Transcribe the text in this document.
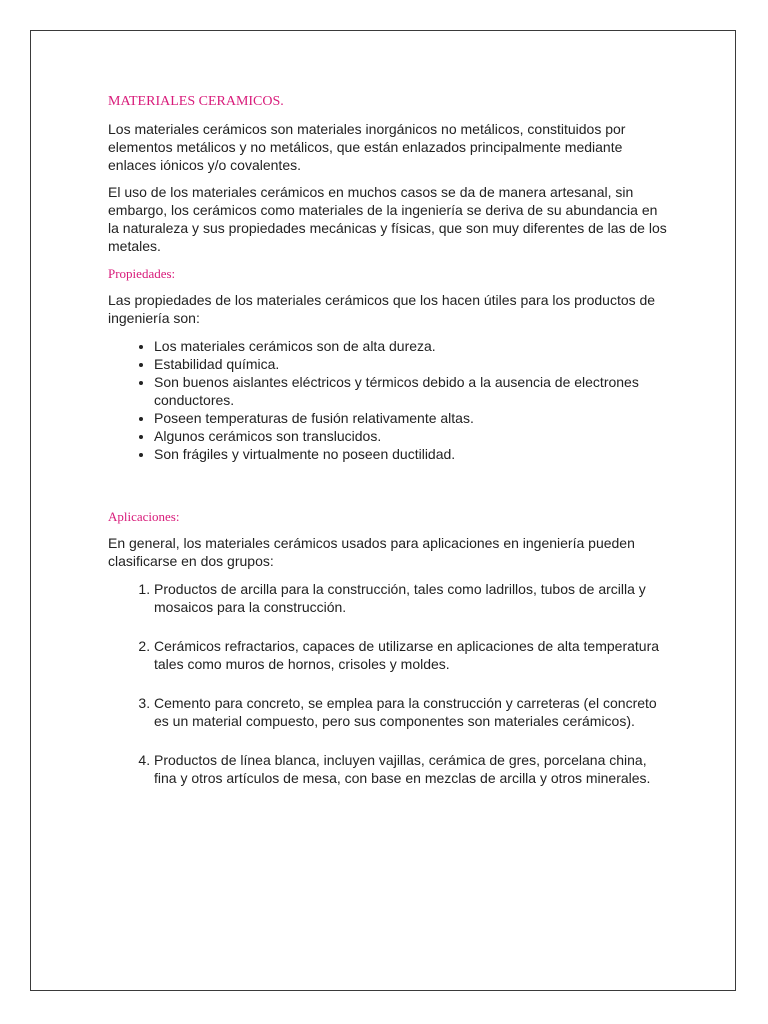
MATERIALES CERAMICOS.

Los materiales cerámicos son materiales inorgánicos no metálicos, constituidos por elementos metálicos y no metálicos, que están enlazados principalmente mediante enlaces iónicos y/o covalentes.

El uso de los materiales cerámicos en muchos casos se da de manera artesanal, sin embargo, los cerámicos como materiales de la ingeniería se deriva de su abundancia en la naturaleza y sus propiedades mecánicas y físicas, que son muy diferentes de las de los metales.

Propiedades:

Las propiedades de los materiales cerámicos que los hacen útiles para los productos de ingeniería son:

• Los materiales cerámicos son de alta dureza.
• Estabilidad química.
• Son buenos aislantes eléctricos y térmicos debido a la ausencia de electrones conductores.
• Poseen temperaturas de fusión relativamente altas.
• Algunos cerámicos son translucidos.
• Son frágiles y virtualmente no poseen ductilidad.
Aplicaciones:

En general, los materiales cerámicos usados para aplicaciones en ingeniería pueden clasificarse en dos grupos:

1. Productos de arcilla para la construcción, tales como ladrillos, tubos de arcilla y mosaicos para la construcción.
2. Cerámicos refractarios, capaces de utilizarse en aplicaciones de alta temperatura tales como muros de hornos, crisoles y moldes.
3. Cemento para concreto, se emplea para la construcción y carreteras (el concreto es un material compuesto, pero sus componentes son materiales cerámicos).
4. Productos de línea blanca, incluyen vajillas, cerámica de gres, porcelana china, fina y otros artículos de mesa, con base en mezclas de arcilla y otros minerales.
